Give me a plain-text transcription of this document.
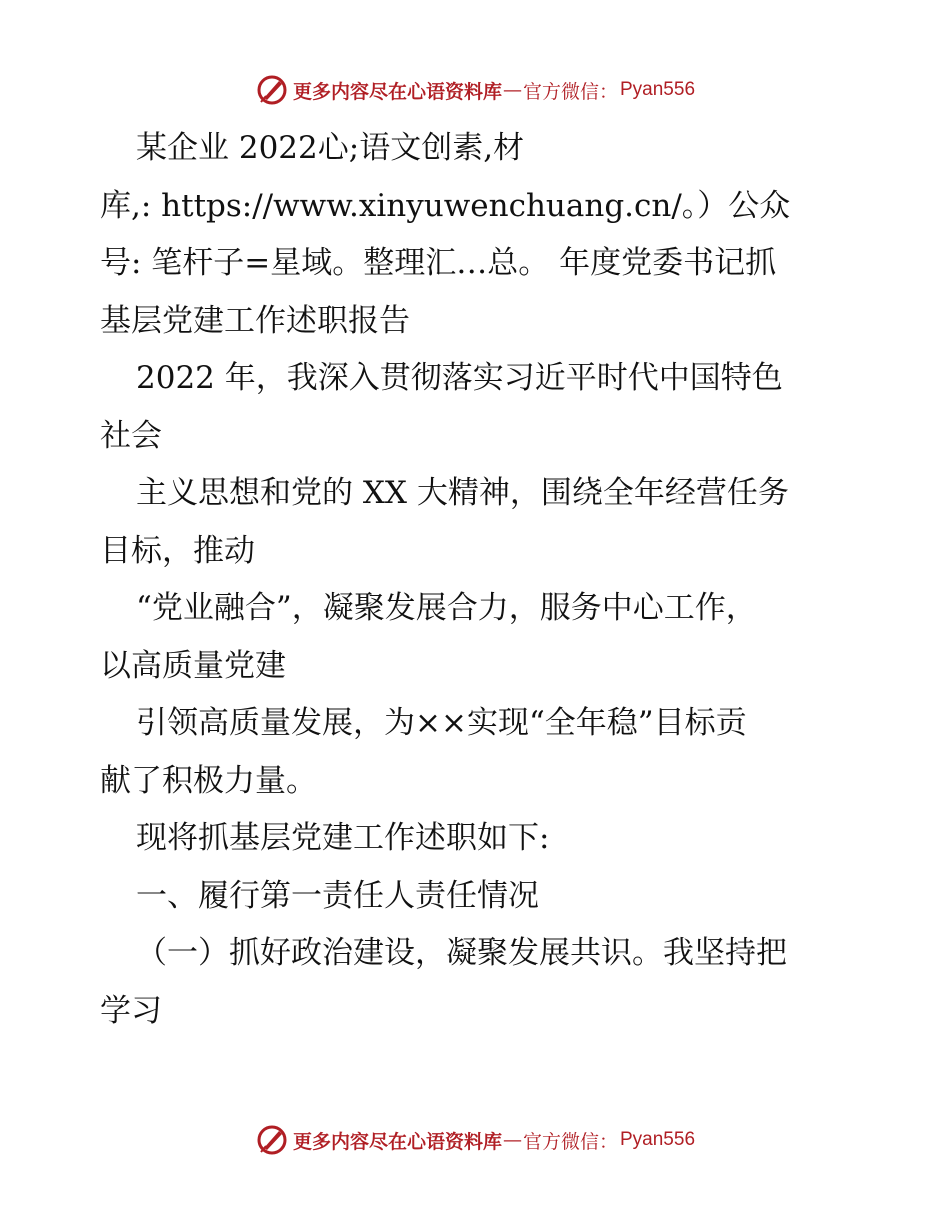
更多内容尽在心语资料库 — 官方微信： Pyan556
某企业 2022心;语文创素,材
库,: https://www.xinyuwenchuang.cn/。）公众
号: 笔杆子=星域。整理汇…总。 年度党委书记抓
基层党建工作述职报告
2022 年，我深入贯彻落实习近平时代中国特色
社会
主义思想和党的 XX 大精神，围绕全年经营任务
目标，推动
“党业融合”，凝聚发展合力，服务中心工作，
以高质量党建
引领高质量发展，为××实现“全年稳”目标贡
献了积极力量。
现将抓基层党建工作述职如下:
一、履行第一责任人责任情况
（一）抓好政治建设，凝聚发展共识。我坚持把
学习
更多内容尽在心语资料库 — 官方微信： Pyan556
